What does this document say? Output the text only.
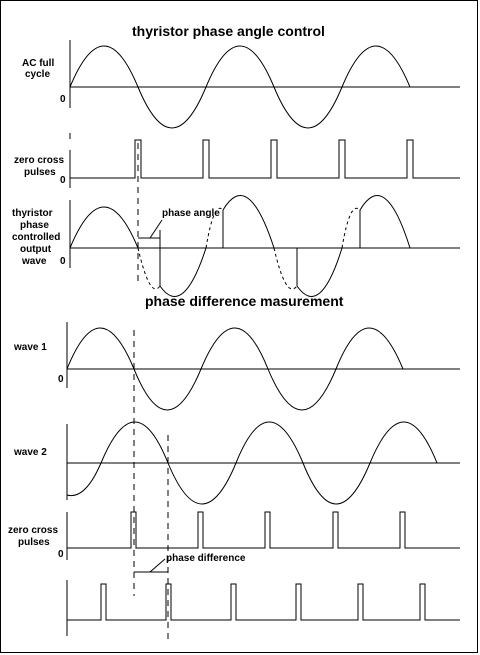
thyristor phase angle control
AC full
cycle
0
zero cross
pulses
0
thyristor
phase
controlled
output
wave 0
phase angle
phase difference masurement
wave 1
0
wave 2
zero cross
pulses
0	phase difference
